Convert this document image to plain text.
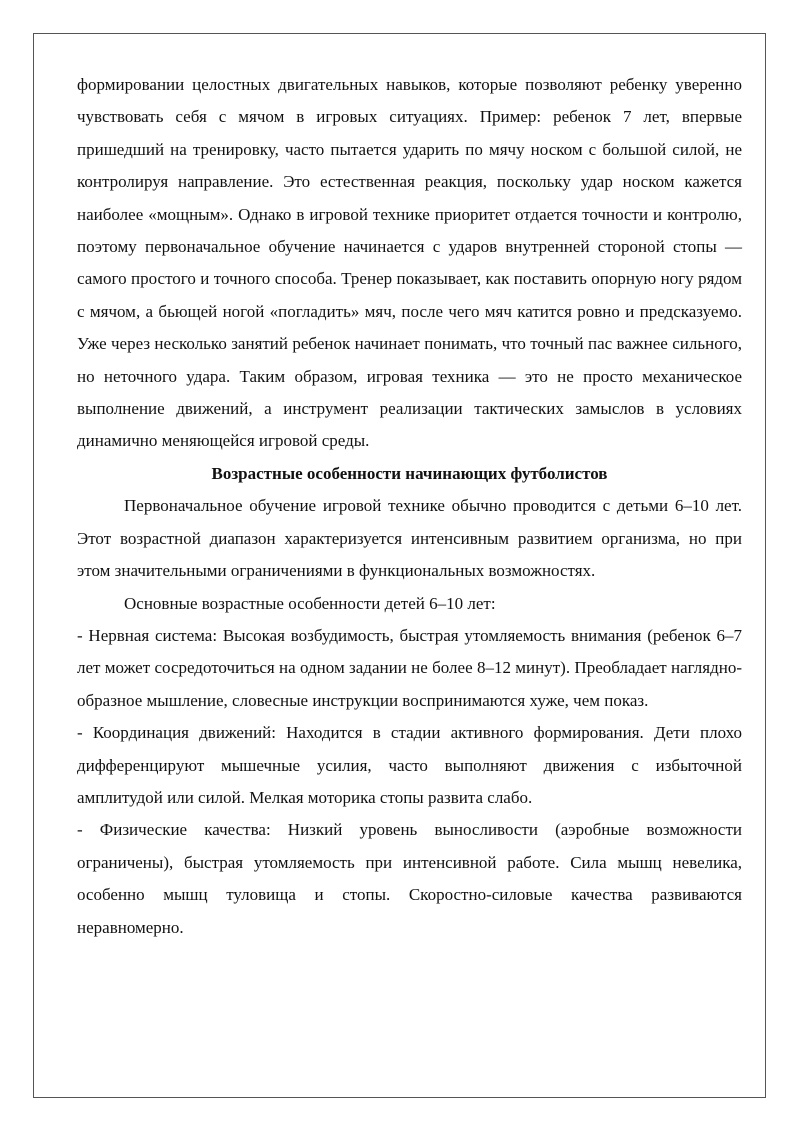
формировании целостных двигательных навыков, которые позволяют ребенку уверенно чувствовать себя с мячом в игровых ситуациях. Пример: ребенок 7 лет, впервые пришедший на тренировку, часто пытается ударить по мячу носком с большой силой, не контролируя направление. Это естественная реакция, поскольку удар носком кажется наиболее «мощным». Однако в игровой технике приоритет отдается точности и контролю, поэтому первоначальное обучение начинается с ударов внутренней стороной стопы — самого простого и точного способа. Тренер показывает, как поставить опорную ногу рядом с мячом, а бьющей ногой «погладить» мяч, после чего мяч катится ровно и предсказуемо. Уже через несколько занятий ребенок начинает понимать, что точный пас важнее сильного, но неточного удара. Таким образом, игровая техника — это не просто механическое выполнение движений, а инструмент реализации тактических замыслов в условиях динамично меняющейся игровой среды.

Возрастные особенности начинающих футболистов

Первоначальное обучение игровой технике обычно проводится с детьми 6–10 лет. Этот возрастной диапазон характеризуется интенсивным развитием организма, но при этом значительными ограничениями в функциональных возможностях.

Основные возрастные особенности детей 6–10 лет:

- Нервная система: Высокая возбудимость, быстрая утомляемость внимания (ребенок 6–7 лет может сосредоточиться на одном задании не более 8–12 минут). Преобладает наглядно-образное мышление, словесные инструкции воспринимаются хуже, чем показ.

- Координация движений: Находится в стадии активного формирования. Дети плохо дифференцируют мышечные усилия, часто выполняют движения с избыточной амплитудой или силой. Мелкая моторика стопы развита слабо.

- Физические качества: Низкий уровень выносливости (аэробные возможности ограничены), быстрая утомляемость при интенсивной работе. Сила мышц невелика, особенно мышц туловища и стопы. Скоростно-силовые качества развиваются неравномерно.
